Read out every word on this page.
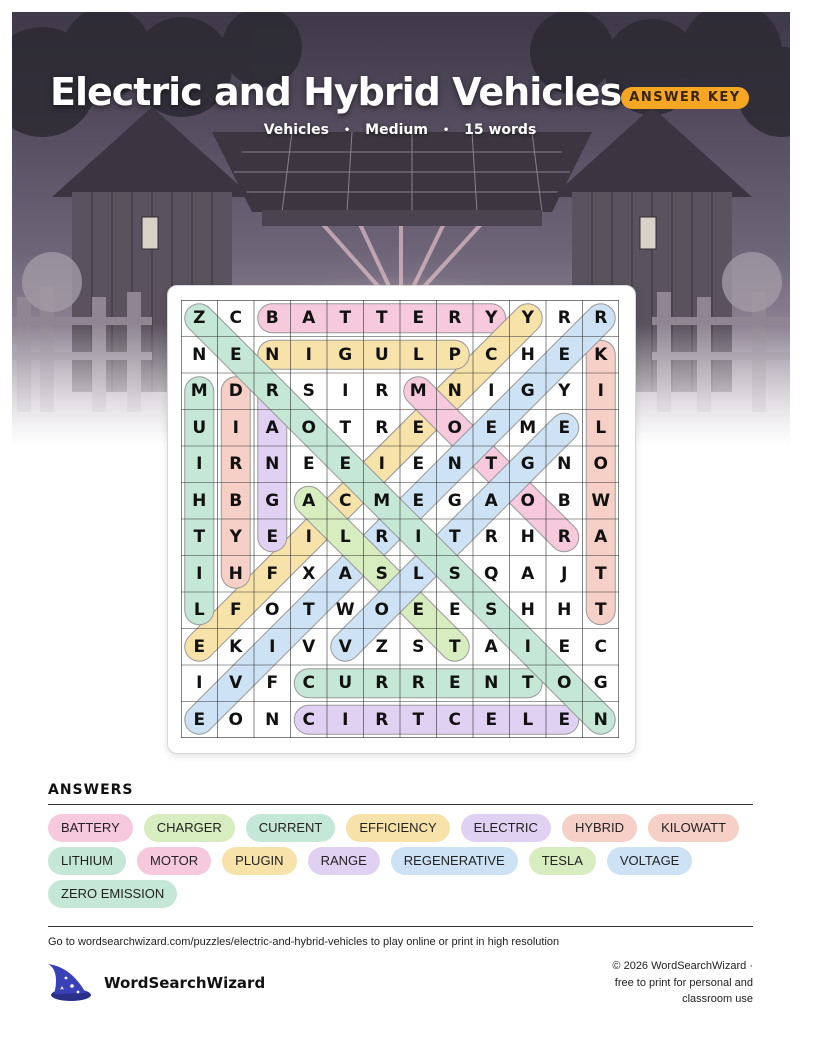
Electric and Hybrid Vehicles ANSWER KEY
Vehicles • Medium • 15 words
Z	C	B	A	T	T	E	R	Y	Y	R	R
N	E	N	I	G	U	L	P	C	H	E	K
M	D	R	S	I	R	M	N	I	G	Y	I
U	I	A	O	T	R	E	O	E	M	E	L
I	R	N	E	E	I	E	N	T	G	N	O
H	B	G	A	C	M	E	G	A	O	B	W
T	Y	E	I	L	R	I	T	R	H	R	A
I	H	F	X	A	S	L	S	Q	A	J	T
L	F	O	T	W	O	E	E	S	H	H	T
E	K	I	V	V	Z	S	T	A	I	E	C
I	V	F	C	U	R	R	E	N	T	O	G
E	O	N	C	I	R	T	C	E	L	E	N
ANSWERS
BATTERY	CHARGER	CURRENT	EFFICIENCY	ELECTRIC	HYBRID	KILOWATT
LITHIUM	MOTOR	PLUGIN	RANGE	REGENERATIVE	TESLA	VOLTAGE
ZERO EMISSION
Go to wordsearchwizard.com/puzzles/electric-and-hybrid-vehicles to play online or print in high resolution
WordSearchWizard
© 2026 WordSearchWizard ·
free to print for personal and
classroom use
